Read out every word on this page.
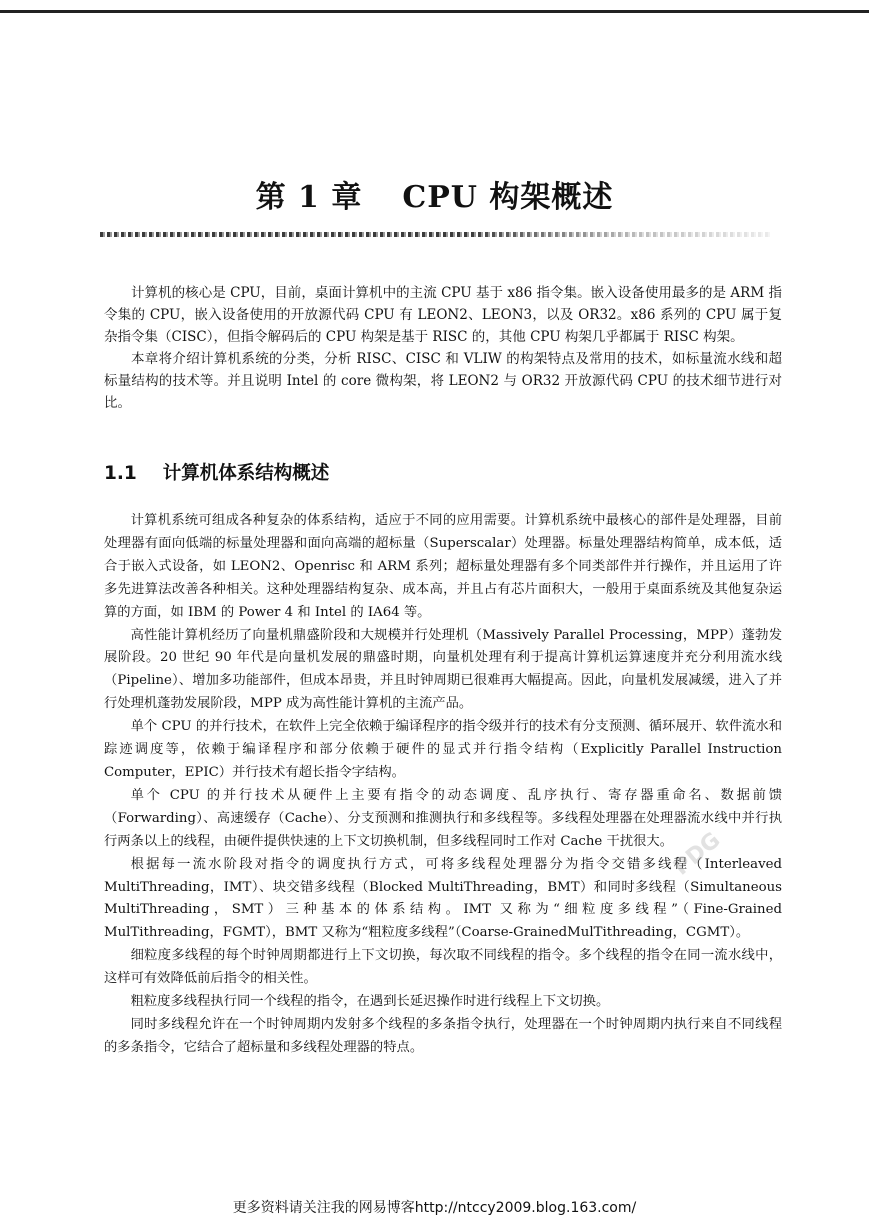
第 1 章 CPU 构架概述

计算机的核心是 CPU，目前，桌面计算机中的主流 CPU 基于 x86 指令集。嵌入设备使用最多的是 ARM 指令集的 CPU，嵌入设备使用的开放源代码 CPU 有 LEON2、LEON3，以及 OR32。x86 系列的 CPU 属于复杂指令集（CISC），但指令解码后的 CPU 构架是基于 RISC 的，其他 CPU 构架几乎都属于 RISC 构架。

本章将介绍计算机系统的分类，分析 RISC、CISC 和 VLIW 的构架特点及常用的技术，如标量流水线和超标量结构的技术等。并且说明 Intel 的 core 微构架，将 LEON2 与 OR32 开放源代码 CPU 的技术细节进行对比。

1.1 计算机体系结构概述

计算机系统可组成各种复杂的体系结构，适应于不同的应用需要。计算机系统中最核心的部件是处理器，目前处理器有面向低端的标量处理器和面向高端的超标量（Superscalar）处理器。标量处理器结构简单，成本低，适合于嵌入式设备，如 LEON2、Openrisc 和 ARM 系列；超标量处理器有多个同类部件并行操作，并且运用了许多先进算法改善各种相关。这种处理器结构复杂、成本高，并且占有芯片面积大，一般用于桌面系统及其他复杂运算的方面，如 IBM 的 Power 4 和 Intel 的 IA64 等。

高性能计算机经历了向量机鼎盛阶段和大规模并行处理机（Massively Parallel Processing，MPP）蓬勃发展阶段。20 世纪 90 年代是向量机发展的鼎盛时期，向量机处理有利于提高计算机运算速度并充分利用流水线（Pipeline）、增加多功能部件，但成本昂贵，并且时钟周期已很难再大幅提高。因此，向量机发展减缓，进入了并行处理机蓬勃发展阶段，MPP 成为高性能计算机的主流产品。

单个 CPU 的并行技术，在软件上完全依赖于编译程序的指令级并行的技术有分支预测、循环展开、软件流水和踪迹调度等，依赖于编译程序和部分依赖于硬件的显式并行指令结构（Explicitly Parallel Instruction Computer，EPIC）并行技术有超长指令字结构。

单个 CPU 的并行技术从硬件上主要有指令的动态调度、乱序执行、寄存器重命名、数据前馈（Forwarding）、高速缓存（Cache）、分支预测和推测执行和多线程等。多线程处理器在处理器流水线中并行执行两条以上的线程，由硬件提供快速的上下文切换机制，但多线程同时工作对 Cache 干扰很大。

根据每一流水阶段对指令的调度执行方式，可将多线程处理器分为指令交错多线程（Interleaved MultiThreading，IMT）、块交错多线程（Blocked MultiThreading，BMT）和同时多线程（Simultaneous MultiThreading，SMT）三种基本的体系结构。IMT 又称为“细粒度多线程”（Fine-Grained MulTithreading，FGMT），BMT 又称为“粗粒度多线程”（Coarse-GrainedMulTithreading，CGMT）。

细粒度多线程的每个时钟周期都进行上下文切换，每次取不同线程的指令。多个线程的指令在同一流水线中，这样可有效降低前后指令的相关性。

粗粒度多线程执行同一个线程的指令，在遇到长延迟操作时进行线程上下文切换。

同时多线程允许在一个时钟周期内发射多个线程的多条指令执行，处理器在一个时钟周期内执行来自不同线程的多条指令，它结合了超标量和多线程处理器的特点。

PDG
更多资料请关注我的网易博客http://ntccy2009.blog.163.com/
